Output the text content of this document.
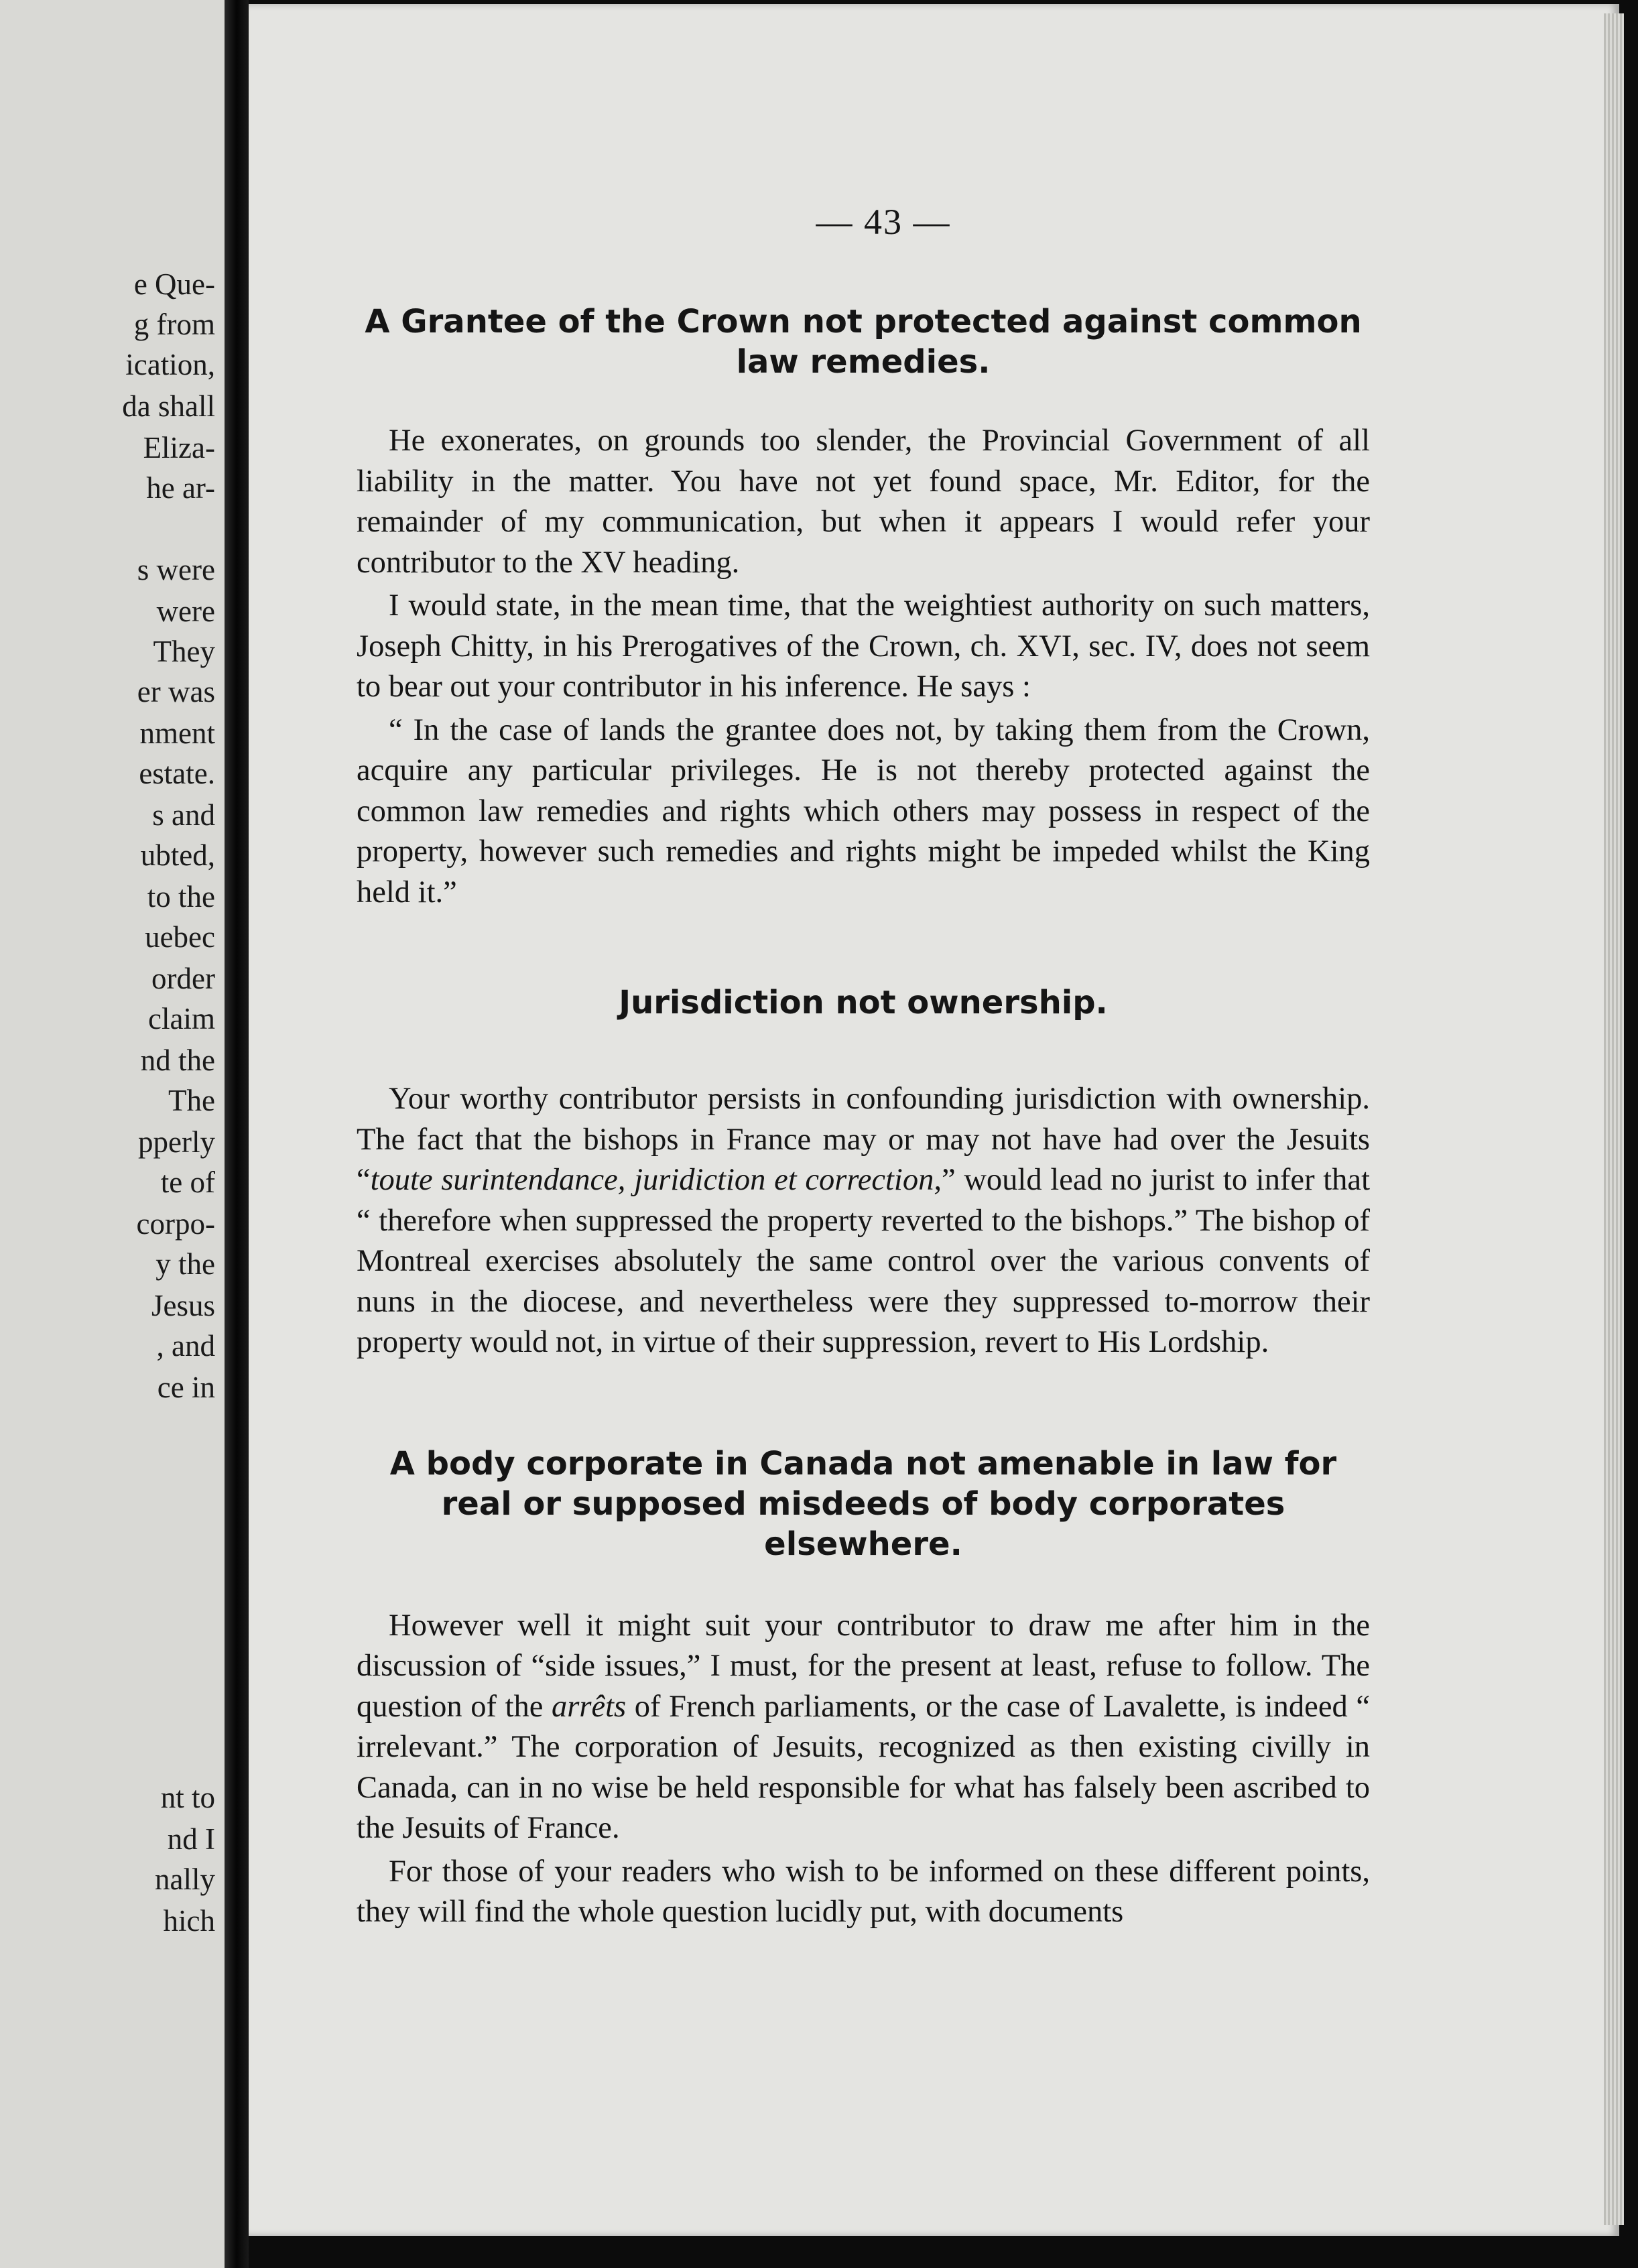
e Que-
g from
ication,
da shall
Eliza-
he ar-
s were
were
They
er was
nment
estate.
s and
ubted,
to the
uebec
order
claim
nd the
The
pperly
te of
corpo-
y the
Jesus
, and
ce in
nt to
nd I
nally
hich
— 43 —
A Grantee of the Crown not protected against common law remedies.

He exonerates, on grounds too slender, the Provincial Government of all liability in the matter. You have not yet found space, Mr. Editor, for the remainder of my communication, but when it appears I would refer your contributor to the XV heading.

I would state, in the mean time, that the weightiest authority on such matters, Joseph Chitty, in his Prerogatives of the Crown, ch. XVI, sec. IV, does not seem to bear out your contributor in his inference. He says :

“ In the case of lands the grantee does not, by taking them from the Crown, acquire any particular privileges. He is not thereby protected against the common law remedies and rights which others may possess in respect of the property, however such remedies and rights might be impeded whilst the King held it.”

Jurisdiction not ownership.

Your worthy contributor persists in confounding jurisdiction with ownership. The fact that the bishops in France may or may not have had over the Jesuits “toute surintendance, juridiction et correction,” would lead no jurist to infer that “ therefore when suppressed the property reverted to the bishops.” The bishop of Montreal exercises absolutely the same control over the various convents of nuns in the diocese, and nevertheless were they suppressed to-morrow their property would not, in virtue of their suppression, revert to His Lordship.

A body corporate in Canada not amenable in law for real or supposed misdeeds of body corporates elsewhere.

However well it might suit your contributor to draw me after him in the discussion of “side issues,” I must, for the present at least, refuse to follow. The question of the arrêts of French parliaments, or the case of Lavalette, is indeed “ irrelevant.” The corporation of Jesuits, recognized as then existing civilly in Canada, can in no wise be held responsible for what has falsely been ascribed to the Jesuits of France.

For those of your readers who wish to be informed on these different points, they will find the whole question lucidly put, with documents
